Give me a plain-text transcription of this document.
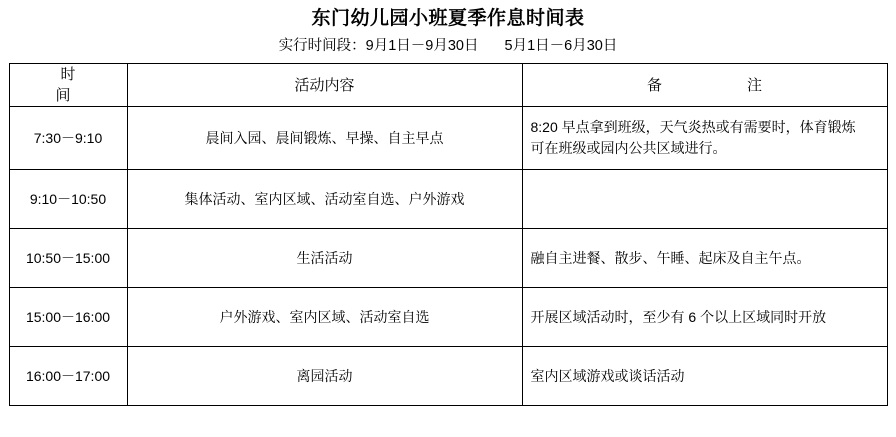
东门幼儿园小班夏季作息时间表
实行时间段：9月1日－9月30日 5月1日－6月30日
时　　间	活动内容	备　　　注
7:30－9:10	晨间入园、晨间锻炼、早操、自主早点	8:20 早点拿到班级，天气炎热或有需要时，体育锻炼
可在班级或园内公共区域进行。

9:10－10:50	集体活动、室内区域、活动室自选、户外游戏	

10:50－15:00	生活活动	融自主进餐、散步、午睡、起床及自主午点。

15:00－16:00	户外游戏、室内区域、活动室自选	开展区域活动时，至少有 6 个以上区域同时开放

16:00－17:00	离园活动	室内区域游戏或谈话活动
